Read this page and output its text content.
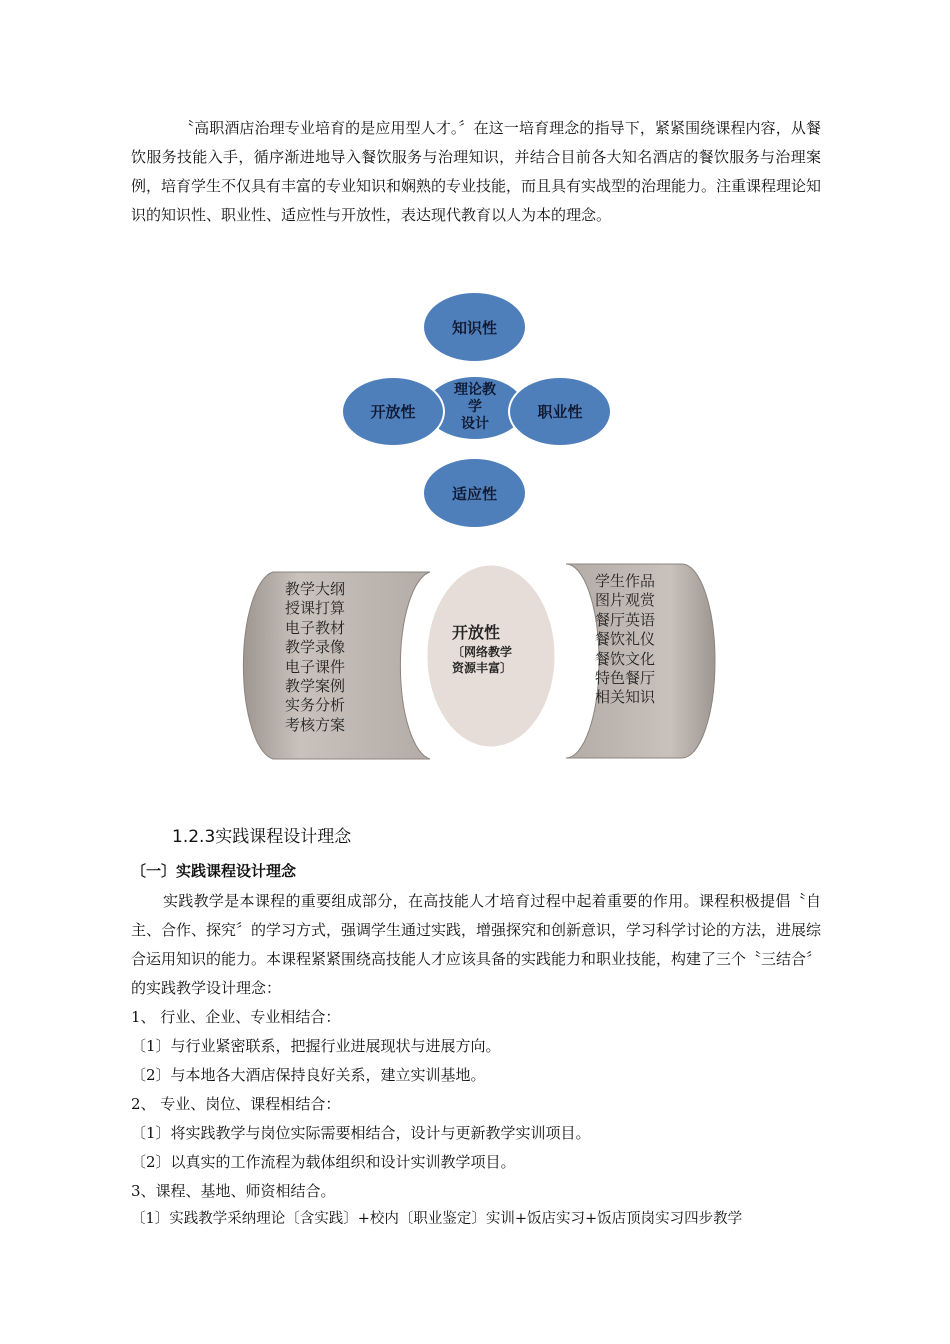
〝高职酒店治理专业培育的是应用型人才。〞在这一培育理念的指导下，紧紧围绕课程内容，从餐饮服务技能入手，循序渐进地导入餐饮服务与治理知识，并结合目前各大知名酒店的餐饮服务与治理案例，培育学生不仅具有丰富的专业知识和娴熟的专业技能，而且具有实战型的治理能力。注重课程理论知识的知识性、职业性、适应性与开放性，表达现代教育以人为本的理念。

知识性
适应性
理论教
学
设计
开放性	职业性
教学大纲
授课打算
电子教材
教学录像
电子课件
教学案例
实务分析
考核方案
学生作品
图片观赏
餐厅英语
餐饮礼仪
餐饮文化
特色餐厅
相关知识
开放性
〔网络教学
资源丰富〕
1.2.3实践课程设计理念
〔一〕实践课程设计理念

实践教学是本课程的重要组成部分，在高技能人才培育过程中起着重要的作用。课程积极提倡〝自主、合作、探究〞的学习方式，强调学生通过实践，增强探究和创新意识，学习科学讨论的方法，进展综合运用知识的能力。本课程紧紧围绕高技能人才应该具备的实践能力和职业技能，构建了三个〝三结合〞的实践教学设计理念：

1、 行业、企业、专业相结合：
〔1〕与行业紧密联系，把握行业进展现状与进展方向。
〔2〕与本地各大酒店保持良好关系，建立实训基地。
2、 专业、岗位、课程相结合：
〔1〕将实践教学与岗位实际需要相结合，设计与更新教学实训项目。
〔2〕以真实的工作流程为载体组织和设计实训教学项目。
3、课程、基地、师资相结合。
〔1〕实践教学采纳理论〔含实践〕+校内〔职业鉴定〕实训+饭店实习+饭店顶岗实习四步教学
